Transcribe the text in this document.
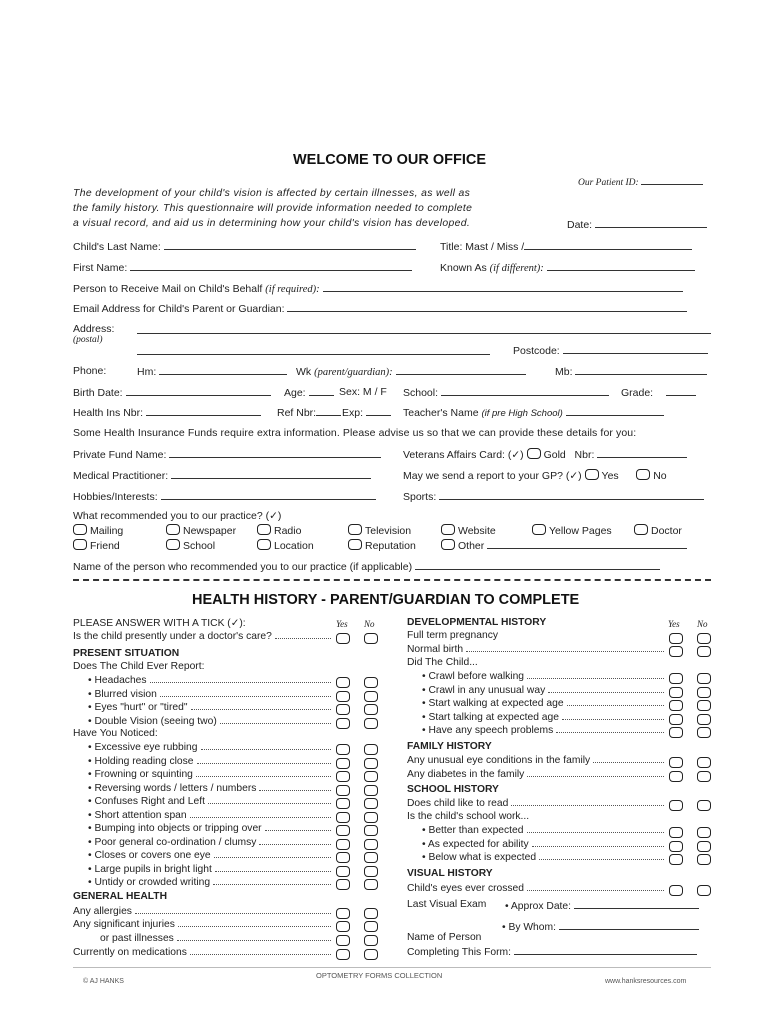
WELCOME TO OUR OFFICE
Our Patient ID:
The development of your child's vision is affected by certain illnesses, as well as
the family history. This questionnaire will provide information needed to complete
a visual record, and aid us in determining how your child's vision has developed.	Date:
Child's Last Name:	Title: Mast / Miss /
First Name:	Known As (if different):
Person to Receive Mail on Child's Behalf (if required):
Email Address for Child's Parent or Guardian:
Address:
(postal)
Postcode:
Phone:	Hm:	Wk (parent/guardian):	Mb:
Birth Date:	Age:	Sex: M / F School:	Grade:
Health Ins Nbr:	Ref Nbr:	Exp:	Teacher's Name (if pre High School)
Some Health Insurance Funds require extra information. Please advise us so that we can provide these details for you:
Private Fund Name:	Veterans Affairs Card: (✓) Gold Nbr:
Medical Practitioner:	May we send a report to your GP? (✓) Yes	No
Hobbies/Interests:	Sports:
What recommended you to our practice? (✓)
Mailing	Newspaper	Radio	Television	Website	Yellow Pages	Doctor
Friend	School	Location	Reputation	Other
Name of the person who recommended you to our practice (if applicable)
HEALTH HISTORY - PARENT/GUARDIAN TO COMPLETE
PLEASE ANSWER WITH A TICK (✓):	Yes No	Yes No
Is the child presently under a doctor's care?
PRESENT SITUATION
Does The Child Ever Report:
• Headaches
• Blurred vision
• Eyes "hurt" or "tired"
• Double Vision (seeing two)
Have You Noticed:
• Excessive eye rubbing
• Holding reading close
• Frowning or squinting
• Reversing words / letters / numbers
• Confuses Right and Left
• Short attention span
• Bumping into objects or tripping over
• Poor general co-ordination / clumsy
• Closes or covers one eye
• Large pupils in bright light
• Untidy or crowded writing
GENERAL HEALTH
Any allergies
Any significant injuries
or past illnesses
Currently on medications
DEVELOPMENTAL HISTORY
Full term pregnancy
Normal birth
Did The Child...
• Crawl before walking
• Crawl in any unusual way
• Start walking at expected age
• Start talking at expected age
• Have any speech problems
FAMILY HISTORY
Any unusual eye conditions in the family
Any diabetes in the family
SCHOOL HISTORY
Does child like to read
Is the child's school work...
• Better than expected
• As expected for ability
• Below what is expected
VISUAL HISTORY
Child's eyes ever crossed
Last Visual Exam • Approx Date:
• By Whom:
Name of Person
Completing This Form:
© AJ HANKS
OPTOMETRY FORMS COLLECTION
www.hanksresources.com
